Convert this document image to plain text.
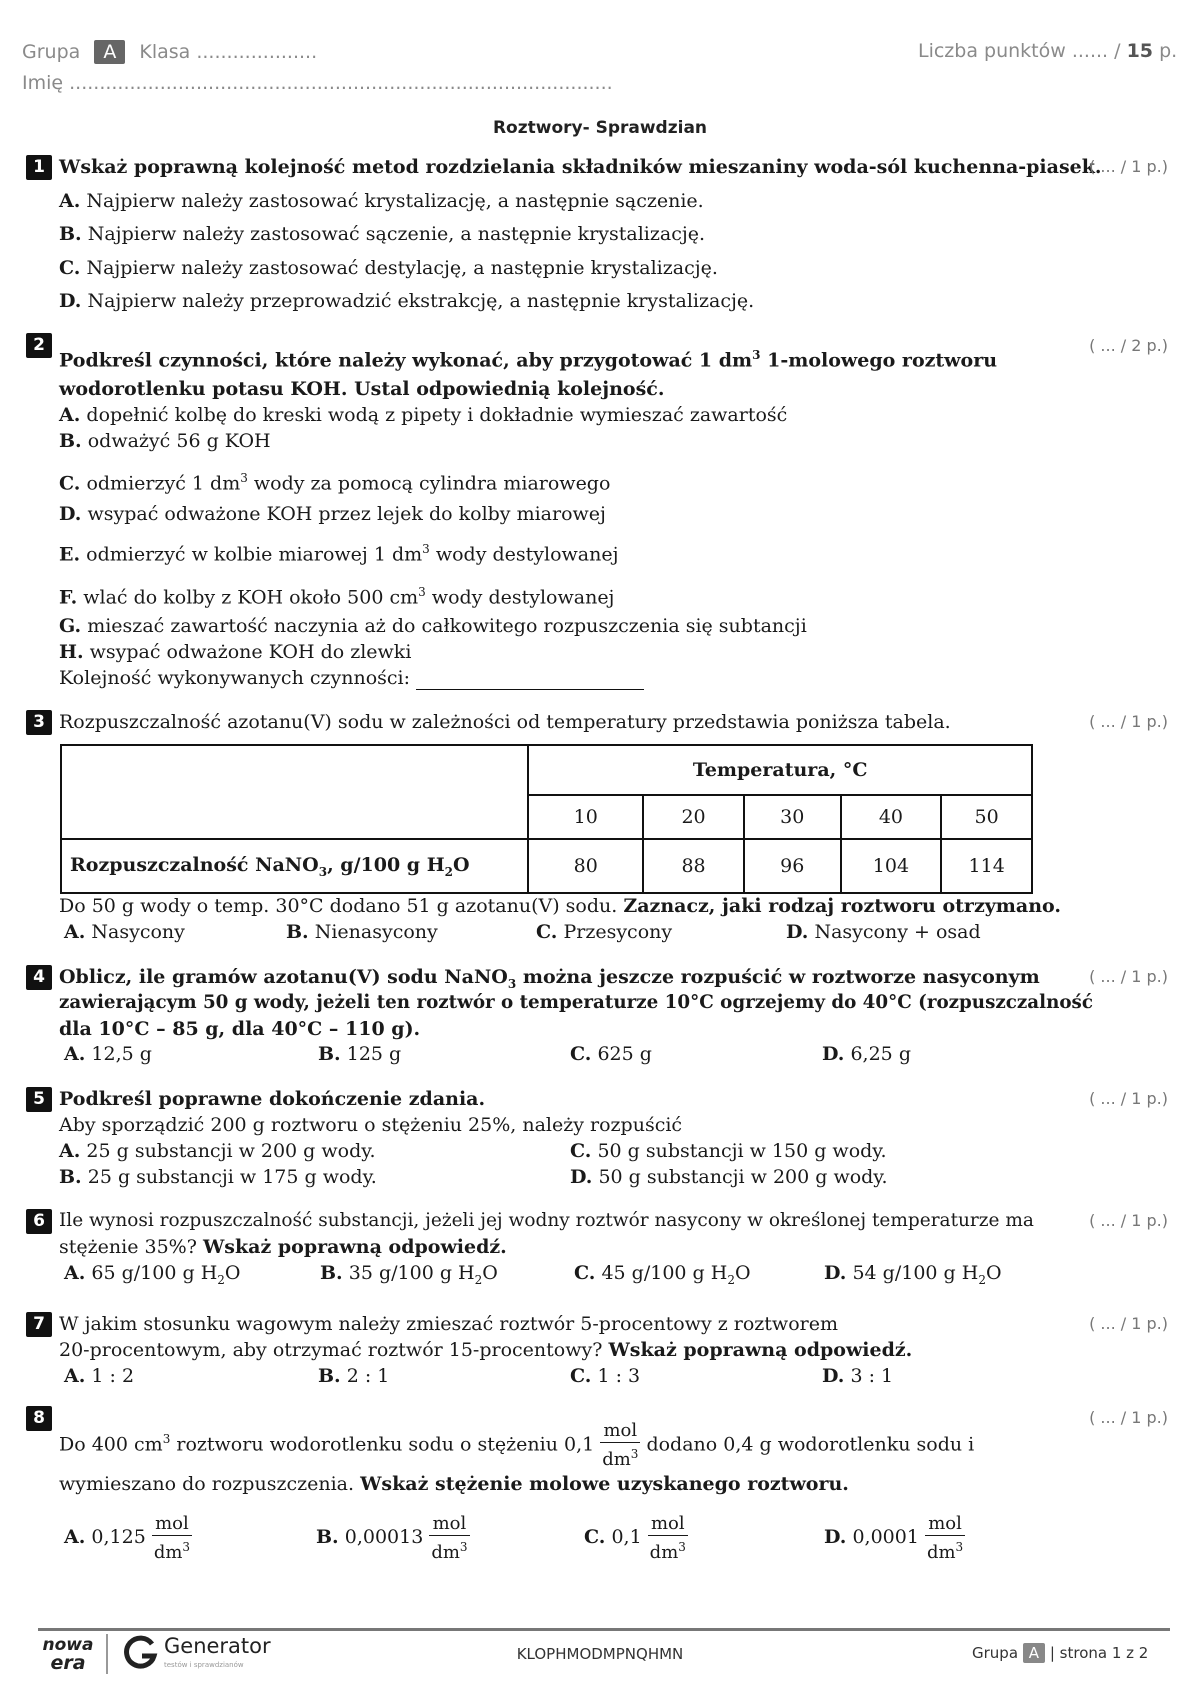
Grupa A Klasa ....................	Liczba punktów ...... / 15 p.
Imię ..........................................................................................
Roztwory- Sprawdzian
1 Wskaż poprawną kolejność metod rozdzielania składników mieszaniny woda-sól kuchenna-piasek.
( ... / 1 p.)
A. Najpierw należy zastosować krystalizację, a następnie sączenie.
B. Najpierw należy zastosować sączenie, a następnie krystalizację.
C. Najpierw należy zastosować destylację, a następnie krystalizację.
D. Najpierw należy przeprowadzić ekstrakcję, a następnie krystalizację.
2
Podkreśl czynności, które należy wykonać, aby przygotować 1 $dm^3$ 1-molowego roztworu
( ... / 2 p.)
wodorotlenku potasu KOH. Ustal odpowiednią kolejność.
A. dopełnić kolbę do kreski wodą z pipety i dokładnie wymieszać zawartość
B. odważyć 56 g KOH
C. odmierzyć 1 $dm^3$ wody za pomocą cylindra miarowego
D. wsypać odważone KOH przez lejek do kolby miarowej
E. odmierzyć w kolbie miarowej 1 $dm^3$ wody destylowanej
F. wlać do kolby z KOH około 500 $cm^3$ wody destylowanej
G. mieszać zawartość naczynia aż do całkowitego rozpuszczenia się subtancji
H. wsypać odważone KOH do zlewki
Kolejność wykonywanych czynności:
3 Rozpuszczalność azotanu(V) sodu w zależności od temperatury przedstawia poniższa tabela.	( ... / 1 p.)
	Temperatura, °C				
	10	20	30	40	50
Rozpuszczalność NaNO$_3$, g/100 g $H_2O$	80	88	96	104	114
Do 50 g wody o temp. 30°C dodano 51 g azotanu(V) sodu. Zaznacz, jaki rodzaj roztworu otrzymano.
A. Nasycony	B. Nienasycony	C. Przesycony	D. Nasycony + osad
4 Oblicz, ile gramów azotanu(V) sodu NaNO$_3$ można jeszcze rozpuścić w roztworze nasyconym	( ... / 1 p.)
zawierającym 50 g wody, jeżeli ten roztwór o temperaturze 10°C ogrzejemy do 40°C (rozpuszczalność
dla 10°C – 85 g, dla 40°C – 110 g).
A. 12,5 g	B. 125 g	C. 625 g	D. 6,25 g
5 Podkreśl poprawne dokończenie zdania.	( ... / 1 p.)
Aby sporządzić 200 g roztworu o stężeniu 25%, należy rozpuścić
A. 25 g substancji w 200 g wody.	C. 50 g substancji w 150 g wody.
B. 25 g substancji w 175 g wody.	D. 50 g substancji w 200 g wody.
6 Ile wynosi rozpuszczalność substancji, jeżeli jej wodny roztwór nasycony w określonej temperaturze ma	( ... / 1 p.)
stężenie 35%? Wskaż poprawną odpowiedź.
A. 65 g/100 g $H_2O$	B. 35 g/100 g $H_2O$	C. 45 g/100 g $H_2O$	D. 54 g/100 g $H_2O$
7 W jakim stosunku wagowym należy zmieszać roztwór 5-procentowy z roztworem	( ... / 1 p.)
20-procentowym, aby otrzymać roztwór 15-procentowy? Wskaż poprawną odpowiedź.
A. 1 : 2	B. 2 : 1	C. 1 : 3	D. 3 : 1
8	( ... / 1 p.)
Do 400 $cm^3$ roztworu wodorotlenku sodu o stężeniu $0,1 \frac{\text{mol}}{dm^3}$ dodano 0,4 g wodorotlenku sodu i
wymieszano do rozpuszczenia. Wskaż stężenie molowe uzyskanego roztworu.
A. $0,125 \frac{\text{mol}}{dm^3}$	B. $0,00013 \frac{\text{mol}}{dm^3}$	C. $0,1 \frac{\text{mol}}{dm^3}$	D. $0,0001 \frac{\text{mol}}{dm^3}$
nowa
era
Generator
testów i sprawdzianów
KLOPHMODMPNQHMN	Grupa A | strona 1 z 2
